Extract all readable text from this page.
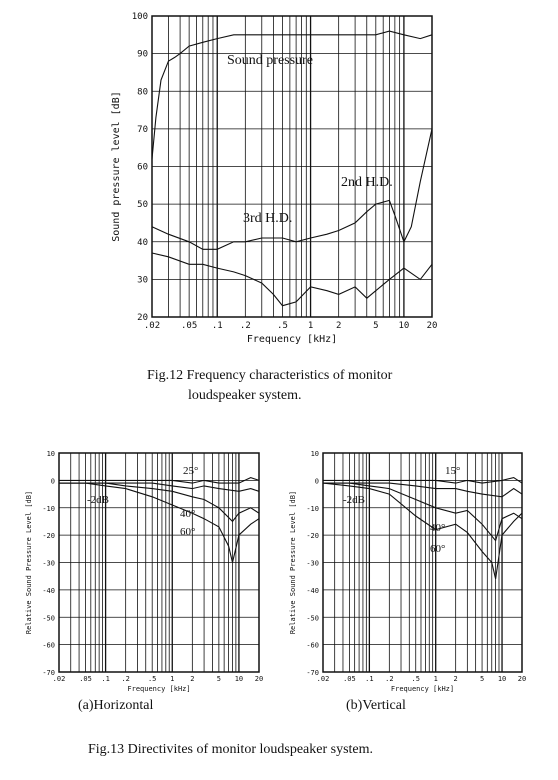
.02 .05 .1 .2	.5 1	2	5 10 20
20
30
40
50
60
70
80
90
100
Frequency [kHz]
Sound pressure level [dB]
Sound pressure
2nd H.D.
3rd H.D.
.02 .05 .1 .2	.5 1 2	5 10 20
10
0
-10
-20
-30
-40
-50
-60
-70
Frequency [kHz]
Relative Sound Pressure Level [dB]	-2dB
25°
40°
60°
.02 .05 .1 .2	.5 1 2	5 10 20
10
0
-10
-20
-30
-40
-50
-60
-70
Frequency [kHz]
Relative Sound Pressure Level [dB]	-2dB
15°
40°
60°
Fig.12 Frequency characteristics of monitor
loudspeaker system.
(a)Horizontal	(b)Vertical
Fig.13 Directivites of monitor loudspeaker system.
